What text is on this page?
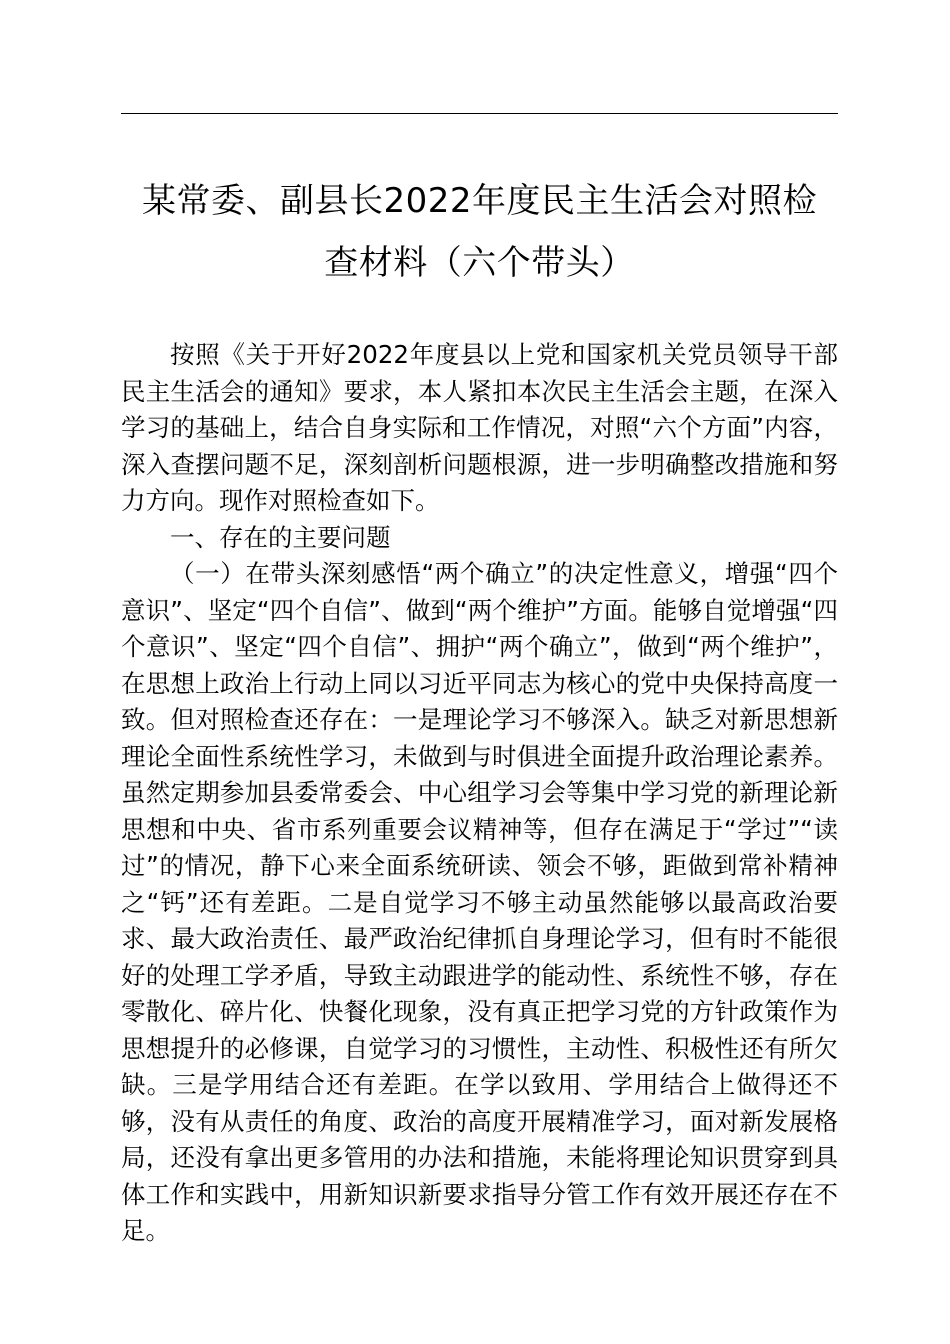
某常委、副县长2022年度民主生活会对照检
查材料（六个带头）

按照《关于开好2022年度县以上党和国家机关党员领导干部民主生活会的通知》要求，本人紧扣本次民主生活会主题，在深入学习的基础上，结合自身实际和工作情况，对照“六个方面”内容，深入查摆问题不足，深刻剖析问题根源，进一步明确整改措施和努力方向。现作对照检查如下。

一、存在的主要问题

（一）在带头深刻感悟“两个确立”的决定性意义，增强“四个意识”、坚定“四个自信”、做到“两个维护”方面。能够自觉增强“四个意识”、坚定“四个自信”、拥护“两个确立”，做到“两个维护”，在思想上政治上行动上同以习近平同志为核心的党中央保持高度一致。但对照检查还存在：一是理论学习不够深入。缺乏对新思想新理论全面性系统性学习，未做到与时俱进全面提升政治理论素养。虽然定期参加县委常委会、中心组学习会等集中学习党的新理论新思想和中央、省市系列重要会议精神等，但存在满足于“学过”“读过”的情况，静下心来全面系统研读、领会不够，距做到常补精神之“钙”还有差距。二是自觉学习不够主动虽然能够以最高政治要求、最大政治责任、最严政治纪律抓自身理论学习，但有时不能很好的处理工学矛盾，导致主动跟进学的能动性、系统性不够，存在零散化、碎片化、快餐化现象，没有真正把学习党的方针政策作为思想提升的必修课，自觉学习的习惯性，主动性、积极性还有所欠缺。三是学用结合还有差距。在学以致用、学用结合上做得还不够，没有从责任的角度、政治的高度开展精准学习，面对新发展格局，还没有拿出更多管用的办法和措施，未能将理论知识贯穿到具体工作和实践中，用新知识新要求指导分管工作有效开展还存在不足。
